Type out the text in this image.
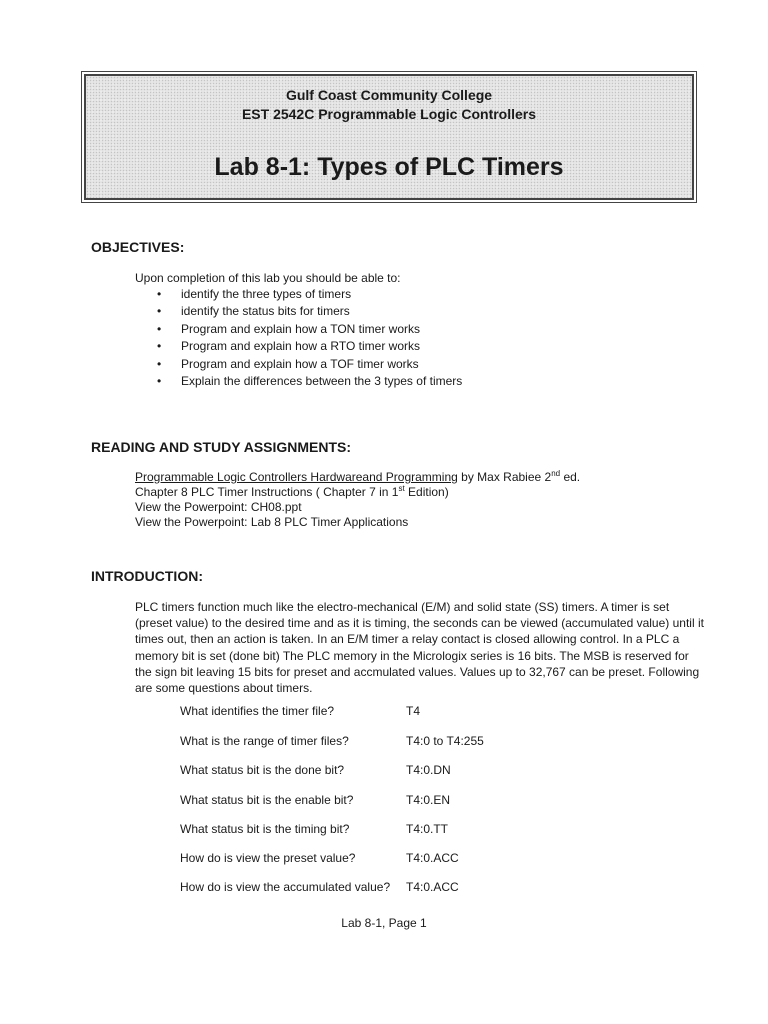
Gulf Coast Community College
EST 2542C Programmable Logic Controllers
Lab 8-1: Types of PLC Timers
OBJECTIVES:
Upon completion of this lab you should be able to:
• identify the three types of timers
• identify the status bits for timers
• Program and explain how a TON timer works
• Program and explain how a RTO timer works
• Program and explain how a TOF timer works
• Explain the differences between the 3 types of timers
READING AND STUDY ASSIGNMENTS:
Programmable Logic Controllers Hardwareand Programming by Max Rabiee 2nd ed.
Chapter 8 PLC Timer Instructions ( Chapter 7 in 1st Edition)
View the Powerpoint: CH08.ppt
View the Powerpoint: Lab 8 PLC Timer Applications
INTRODUCTION:

PLC timers function much like the electro-mechanical (E/M) and solid state (SS) timers. A timer is set (preset value) to the desired time and as it is timing, the seconds can be viewed (accumulated value) until it times out, then an action is taken. In an E/M timer a relay contact is closed allowing control. In a PLC a memory bit is set (done bit) The PLC memory in the Micrologix series is 16 bits. The MSB is reserved for the sign bit leaving 15 bits for preset and accmulated values. Values up to 32,767 can be preset. Following are some questions about timers.

What identifies the timer file?	T4
What is the range of timer files?	T4:0 to T4:255
What status bit is the done bit?	T4:0.DN
What status bit is the enable bit?	T4:0.EN
What status bit is the timing bit?	T4:0.TT
How do is view the preset value?	T4:0.ACC
How do is view the accumulated value? T4:0.ACC
Lab 8-1, Page 1
